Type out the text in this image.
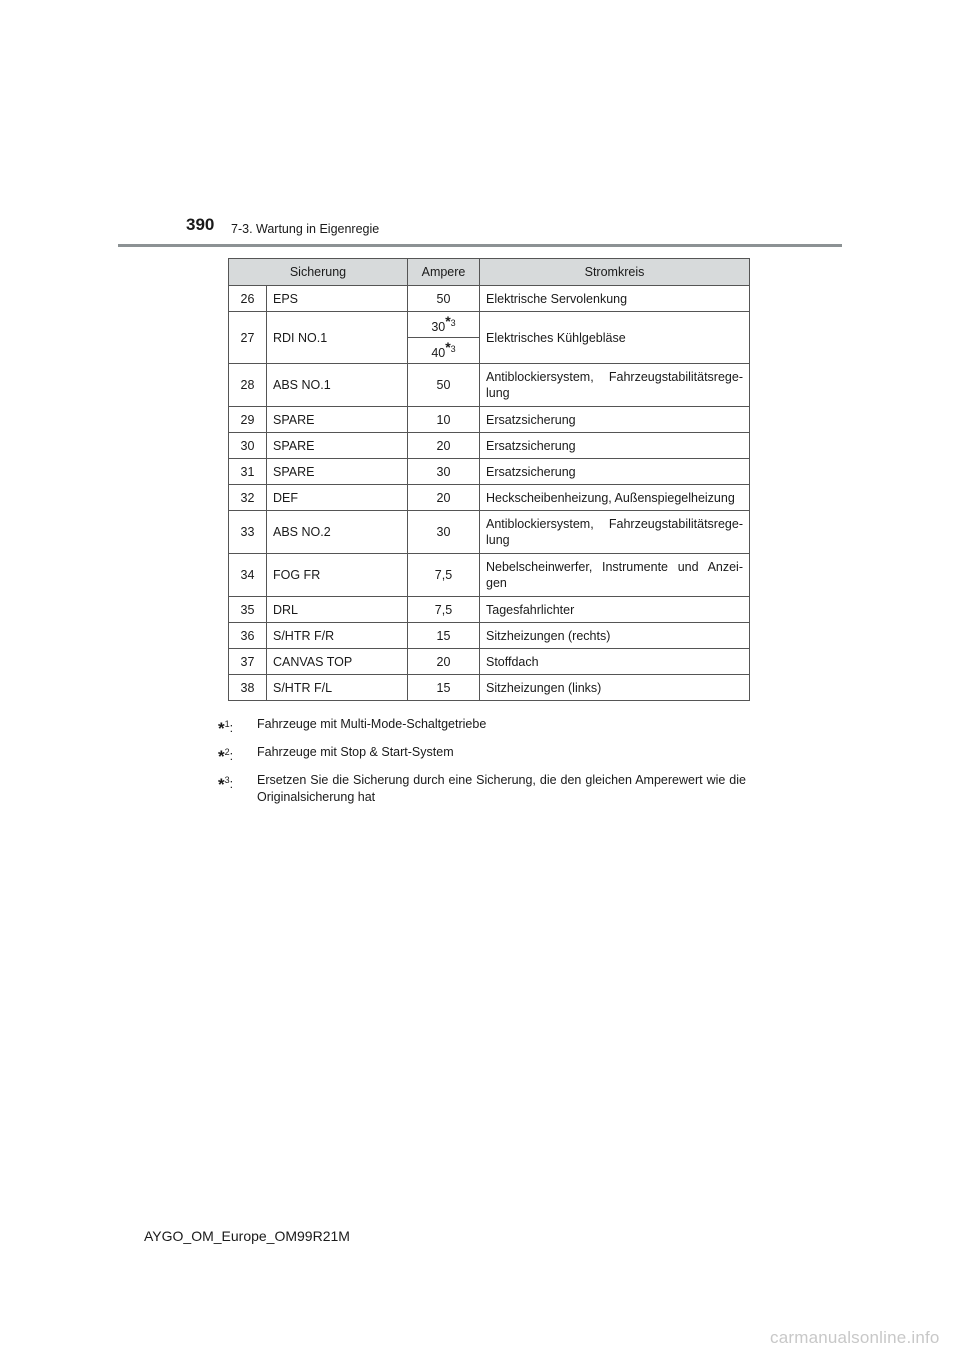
390 7-3. Wartung in Eigenregie
Sicherung		Ampere	Stromkreis
26	EPS	50	Elektrische Servolenkung
27	RDI NO.1	30$^{*3}$	Elektrisches Kühlgebläse
		40$^{*3}$
28	ABS NO.1	50	Antiblockiersystem, Fahrzeugstabilitätsrege-lung
29	SPARE	10	Ersatzsicherung
30	SPARE	20	Ersatzsicherung
31	SPARE	30	Ersatzsicherung
32	DEF	20	Heckscheibenheizung, Außenspiegelheizung
33	ABS NO.2	30	Antiblockiersystem, Fahrzeugstabilitätsrege-lung
34	FOG FR	7,5	Nebelscheinwerfer, Instrumente und Anzei-gen
35	DRL	7,5	Tagesfahrlichter
36	S/HTR F/R	15	Sitzheizungen (rechts)
37	CANVAS TOP	20	Stoffdach
38	S/HTR F/L	15	Sitzheizungen (links)
*$^1$:	Fahrzeuge mit Multi-Mode-Schaltgetriebe
*$^2$:	Fahrzeuge mit Stop & Start-System
*$^3$:	Ersetzen Sie die Sicherung durch eine Sicherung, die den gleichen Amperewert wie die Originalsicherung hat
AYGO_OM_Europe_OM99R21M
carmanualsonline.info
